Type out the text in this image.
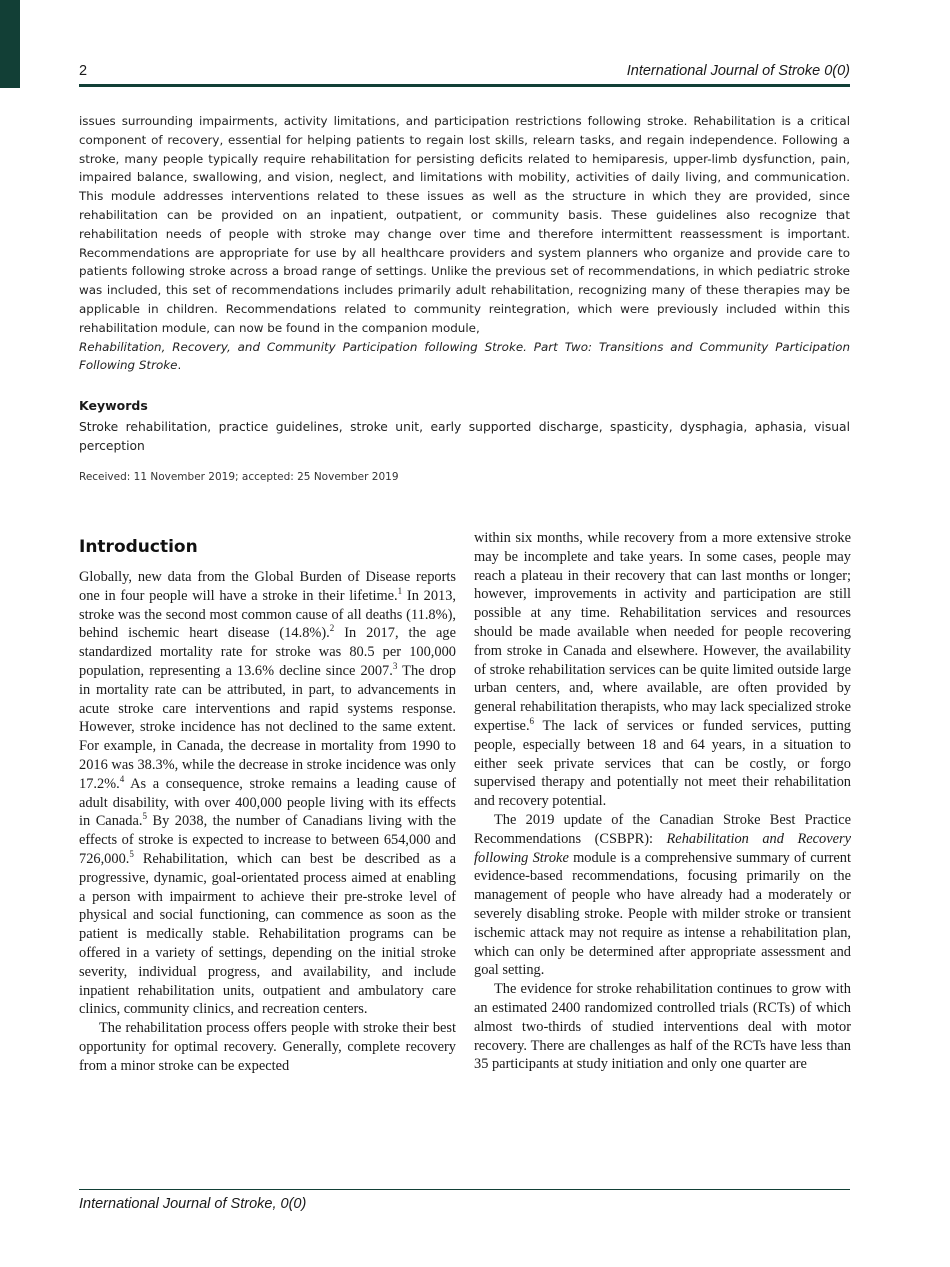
2	International Journal of Stroke 0(0)

issues surrounding impairments, activity limitations, and participation restrictions following stroke. Rehabilitation is a critical component of recovery, essential for helping patients to regain lost skills, relearn tasks, and regain independence. Following a stroke, many people typically require rehabilitation for persisting deficits related to hemiparesis, upper-limb dysfunction, pain, impaired balance, swallowing, and vision, neglect, and limitations with mobility, activities of daily living, and communication. This module addresses interventions related to these issues as well as the structure in which they are provided, since rehabilitation can be provided on an inpatient, outpatient, or community basis. These guidelines also recognize that rehabilitation needs of people with stroke may change over time and therefore intermittent reassessment is important. Recommendations are appropriate for use by all healthcare providers and system planners who organize and provide care to patients following stroke across a broad range of settings. Unlike the previous set of recommendations, in which pediatric stroke was included, this set of recommendations includes primarily adult rehabilitation, recognizing many of these therapies may be applicable in children. Recommendations related to community reintegration, which were previously included within this rehabilitation module, can now be found in the companion module,
Rehabilitation, Recovery, and Community Participation following Stroke. Part Two: Transitions and Community Participation Following Stroke.

Keywords
Stroke rehabilitation, practice guidelines, stroke unit, early supported discharge, spasticity, dysphagia, aphasia, visual perception
Received: 11 November 2019; accepted: 25 November 2019
Introduction

Globally, new data from the Global Burden of Disease reports one in four people will have a stroke in their lifetime.$^1$ In 2013, stroke was the second most common cause of all deaths (11.8%), behind ischemic heart disease (14.8%).$^2$ In 2017, the age standardized mortality rate for stroke was 80.5 per 100,000 population, representing a 13.6% decline since 2007.$^3$ The drop in mortality rate can be attributed, in part, to advancements in acute stroke care interventions and rapid systems response. However, stroke incidence has not declined to the same extent. For example, in Canada, the decrease in mortality from 1990 to 2016 was 38.3%, while the decrease in stroke incidence was only 17.2%.$^4$ As a consequence, stroke remains a leading cause of adult disability, with over 400,000 people living with its effects in Canada.$^5$ By 2038, the number of Canadians living with the effects of stroke is expected to increase to between 654,000 and 726,000.$^5$ Rehabilitation, which can best be described as a progressive, dynamic, goal-orientated process aimed at enabling a person with impairment to achieve their pre-stroke level of physical and social functioning, can commence as soon as the patient is medically stable. Rehabilitation programs can be offered in a variety of settings, depending on the initial stroke severity, individual progress, and availability, and include inpatient rehabilitation units, outpatient and ambulatory care clinics, community clinics, and recreation centers.

The rehabilitation process offers people with stroke their best opportunity for optimal recovery. Generally, complete recovery from a minor stroke can be expected

within six months, while recovery from a more extensive stroke may be incomplete and take years. In some cases, people may reach a plateau in their recovery that can last months or longer; however, improvements in activity and participation are still possible at any time. Rehabilitation services and resources should be made available when needed for people recovering from stroke in Canada and elsewhere. However, the availability of stroke rehabilitation services can be quite limited outside large urban centers, and, where available, are often provided by general rehabilitation therapists, who may lack specialized stroke expertise.$^6$ The lack of services or funded services, putting people, especially between 18 and 64 years, in a situation to either seek private services that can be costly, or forgo supervised therapy and potentially not meet their rehabilitation and recovery potential.

The 2019 update of the Canadian Stroke Best Practice Recommendations (CSBPR): Rehabilitation and Recovery following Stroke module is a comprehensive summary of current evidence-based recommendations, focusing primarily on the management of people who have already had a moderately or severely disabling stroke. People with milder stroke or transient ischemic attack may not require as intense a rehabilitation plan, which can only be determined after appropriate assessment and goal setting.

The evidence for stroke rehabilitation continues to grow with an estimated 2400 randomized controlled trials (RCTs) of which almost two-thirds of studied interventions deal with motor recovery. There are challenges as half of the RCTs have less than 35 participants at study initiation and only one quarter are

International Journal of Stroke, 0(0)
